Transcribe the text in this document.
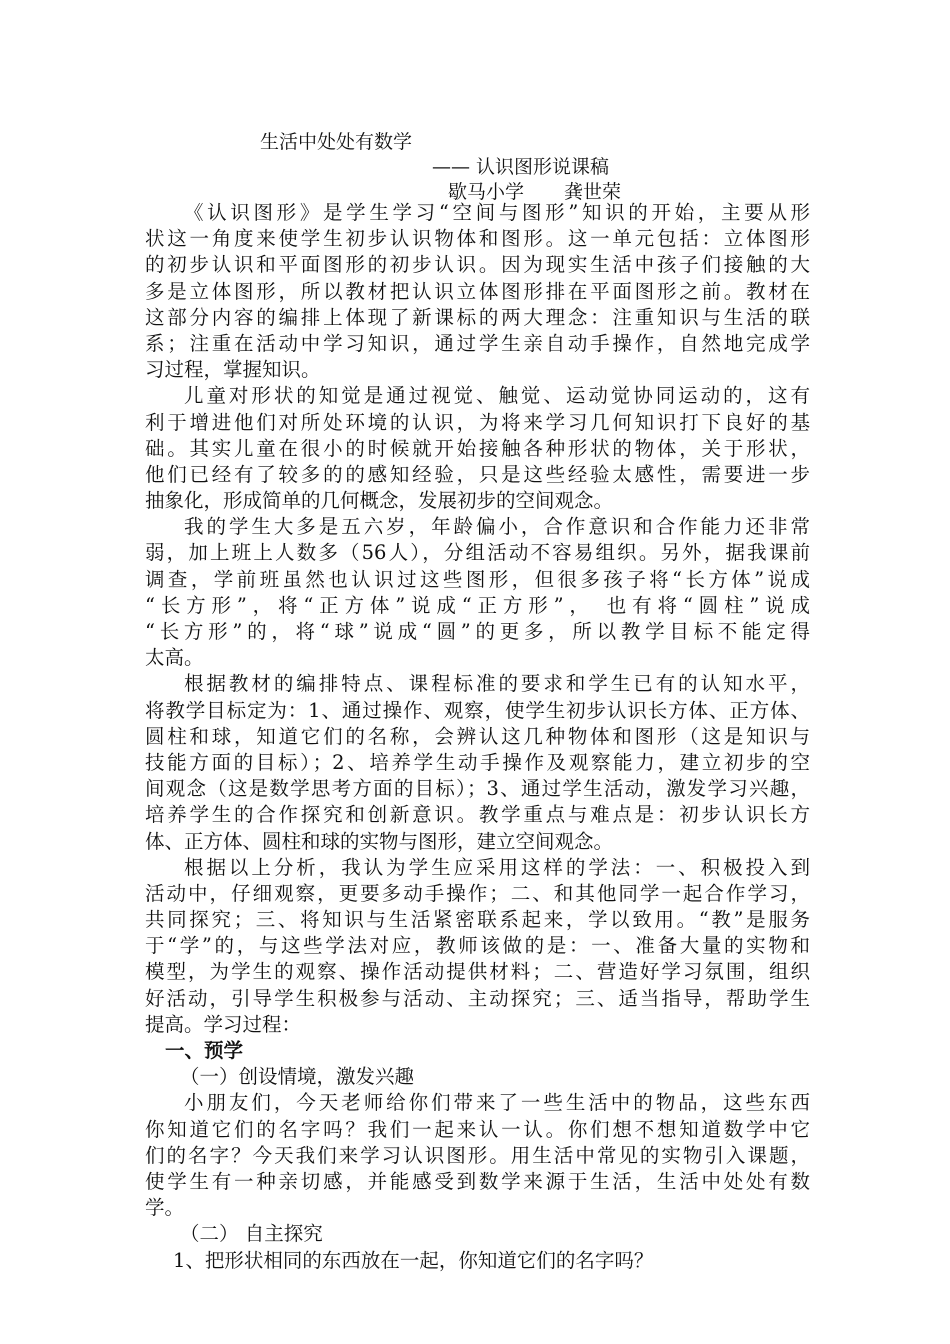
生活中处处有数学
—— 认识图形说课稿
歇马小学 龚世荣
《认识图形》是学生学习“空间与图形”知识的开始，主要从形
状这一角度来使学生初步认识物体和图形。这一单元包括：立体图形
的初步认识和平面图形的初步认识。因为现实生活中孩子们接触的大
多是立体图形，所以教材把认识立体图形排在平面图形之前。教材在
这部分内容的编排上体现了新课标的两大理念：注重知识与生活的联
系；注重在活动中学习知识，通过学生亲自动手操作，自然地完成学
习过程，掌握知识。
儿童对形状的知觉是通过视觉、触觉、运动觉协同运动的，这有
利于增进他们对所处环境的认识，为将来学习几何知识打下良好的基
础。其实儿童在很小的时候就开始接触各种形状的物体，关于形状，
他们已经有了较多的的感知经验，只是这些经验太感性，需要进一步
抽象化，形成简单的几何概念，发展初步的空间观念。
我的学生大多是五六岁，年龄偏小，合作意识和合作能力还非常
弱，加上班上人数多（56人），分组活动不容易组织。另外，据我课前
调查，学前班虽然也认识过这些图形，但很多孩子将“长方体”说成
“长方形”，将“正方体”说成“正方形”， 也有将“圆柱”说成
“长方形”的，将“球”说成“圆”的更多，所以教学目标不能定得
太高。
根据教材的编排特点、课程标准的要求和学生已有的认知水平，
将教学目标定为：1、通过操作、观察，使学生初步认识长方体、正方体、
圆柱和球，知道它们的名称，会辨认这几种物体和图形（这是知识与
技能方面的目标）；2、培养学生动手操作及观察能力，建立初步的空
间观念（这是数学思考方面的目标）；3、通过学生活动，激发学习兴趣，
培养学生的合作探究和创新意识。教学重点与难点是：初步认识长方
体、正方体、圆柱和球的实物与图形，建立空间观念。
根据以上分析，我认为学生应采用这样的学法：一、积极投入到
活动中，仔细观察，更要多动手操作；二、和其他同学一起合作学习，
共同探究；三、将知识与生活紧密联系起来，学以致用。“教”是服务
于“学”的，与这些学法对应，教师该做的是：一、准备大量的实物和
模型，为学生的观察、操作活动提供材料；二、营造好学习氛围，组织
好活动，引导学生积极参与活动、主动探究；三、适当指导，帮助学生
提高。学习过程：
一、预学
（一）创设情境，激发兴趣
小朋友们，今天老师给你们带来了一些生活中的物品，这些东西
你知道它们的名字吗？我们一起来认一认。你们想不想知道数学中它
们的名字？今天我们来学习认识图形。用生活中常见的实物引入课题，
使学生有一种亲切感，并能感受到数学来源于生活，生活中处处有数
学。
（二） 自主探究
1、把形状相同的东西放在一起，你知道它们的名字吗？
